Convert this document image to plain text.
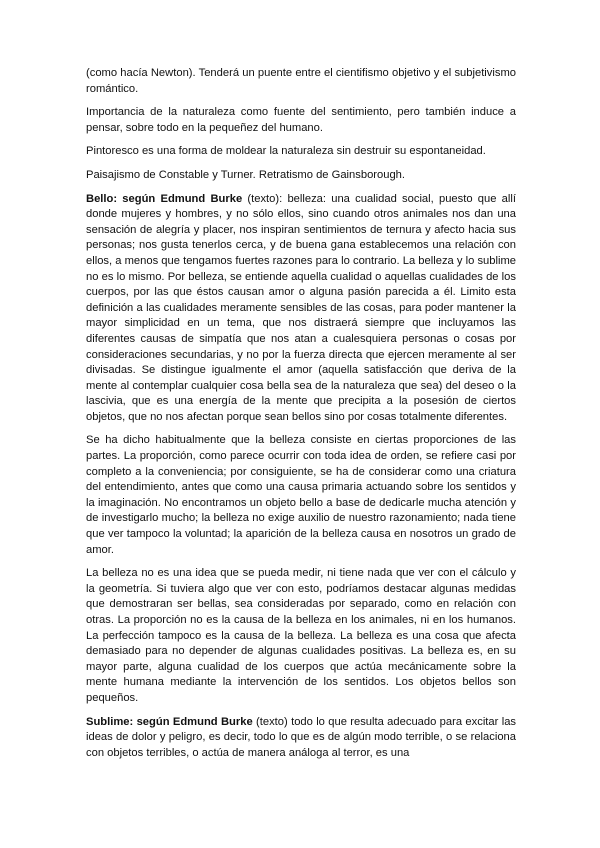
(como hacía Newton). Tenderá un puente entre el cientifismo objetivo y el subjetivismo romántico.

Importancia de la naturaleza como fuente del sentimiento, pero también induce a pensar, sobre todo en la pequeñez del humano.

Pintoresco es una forma de moldear la naturaleza sin destruir su espontaneidad.

Paisajismo de Constable y Turner. Retratismo de Gainsborough.

Bello: según Edmund Burke (texto): belleza: una cualidad social, puesto que allí donde mujeres y hombres, y no sólo ellos, sino cuando otros animales nos dan una sensación de alegría y placer, nos inspiran sentimientos de ternura y afecto hacia sus personas; nos gusta tenerlos cerca, y de buena gana establecemos una relación con ellos, a menos que tengamos fuertes razones para lo contrario. La belleza y lo sublime no es lo mismo. Por belleza, se entiende aquella cualidad o aquellas cualidades de los cuerpos, por las que éstos causan amor o alguna pasión parecida a él. Limito esta definición a las cualidades meramente sensibles de las cosas, para poder mantener la mayor simplicidad en un tema, que nos distraerá siempre que incluyamos las diferentes causas de simpatía que nos atan a cualesquiera personas o cosas por consideraciones secundarias, y no por la fuerza directa que ejercen meramente al ser divisadas. Se distingue igualmente el amor (aquella satisfacción que deriva de la mente al contemplar cualquier cosa bella sea de la naturaleza que sea) del deseo o la lascivia, que es una energía de la mente que precipita a la posesión de ciertos objetos, que no nos afectan porque sean bellos sino por cosas totalmente diferentes.

Se ha dicho habitualmente que la belleza consiste en ciertas proporciones de las partes. La proporción, como parece ocurrir con toda idea de orden, se refiere casi por completo a la conveniencia; por consiguiente, se ha de considerar como una criatura del entendimiento, antes que como una causa primaria actuando sobre los sentidos y la imaginación. No encontramos un objeto bello a base de dedicarle mucha atención y de investigarlo mucho; la belleza no exige auxilio de nuestro razonamiento; nada tiene que ver tampoco la voluntad; la aparición de la belleza causa en nosotros un grado de amor.

La belleza no es una idea que se pueda medir, ni tiene nada que ver con el cálculo y la geometría. Si tuviera algo que ver con esto, podríamos destacar algunas medidas que demostraran ser bellas, sea consideradas por separado, como en relación con otras. La proporción no es la causa de la belleza en los animales, ni en los humanos. La perfección tampoco es la causa de la belleza. La belleza es una cosa que afecta demasiado para no depender de algunas cualidades positivas. La belleza es, en su mayor parte, alguna cualidad de los cuerpos que actúa mecánicamente sobre la mente humana mediante la intervención de los sentidos. Los objetos bellos son pequeños.

Sublime: según Edmund Burke (texto) todo lo que resulta adecuado para excitar las ideas de dolor y peligro, es decir, todo lo que es de algún modo terrible, o se relaciona con objetos terribles, o actúa de manera análoga al terror, es una
